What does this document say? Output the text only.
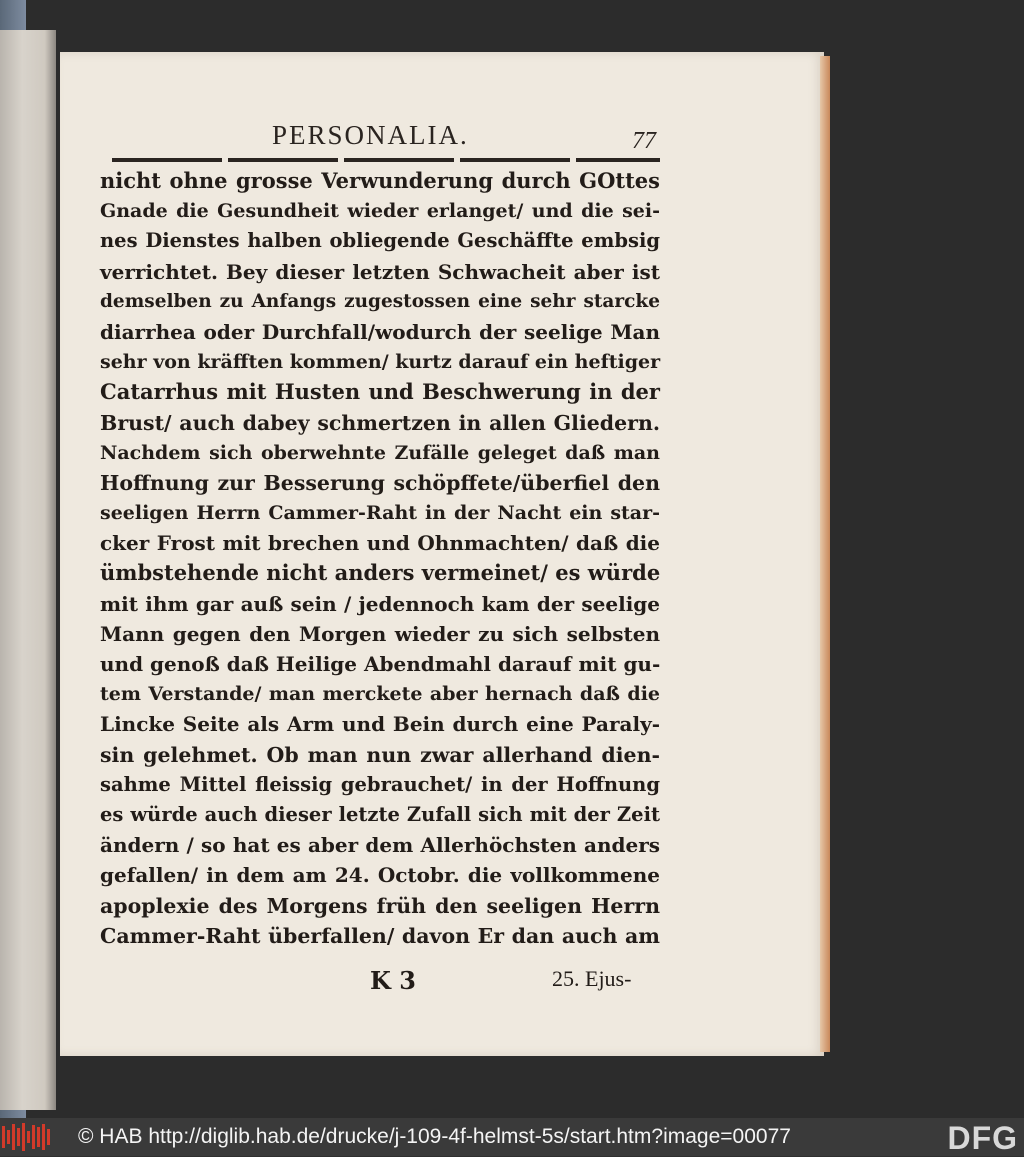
PERSONALIA.	77
nicht ohne grosse Verwunderung durch GOttes
Gnade die Gesundheit wieder erlanget/ und die sei-
nes Dienstes halben obliegende Geschäffte embsig
verrichtet. Bey dieser letzten Schwacheit aber ist
demselben zu Anfangs zugestossen eine sehr starcke
diarrhea oder Durchfall/wodurch der seelige Man
sehr von kräfften kommen/ kurtz darauf ein heftiger
Catarrhus mit Husten und Beschwerung in der
Brust/ auch dabey schmertzen in allen Gliedern.
Nachdem sich oberwehnte Zufälle geleget daß man
Hoffnung zur Besserung schöpffete/überfiel den
seeligen Herrn Cammer-Raht in der Nacht ein star-
cker Frost mit brechen und Ohnmachten/ daß die
ümbstehende nicht anders vermeinet/ es würde
mit ihm gar auß sein / jedennoch kam der seelige
Mann gegen den Morgen wieder zu sich selbsten
und genoß daß Heilige Abendmahl darauf mit gu-
tem Verstande/ man merckete aber hernach daß die
Lincke Seite als Arm und Bein durch eine Paraly-
sin gelehmet. Ob man nun zwar allerhand dien-
sahme Mittel fleissig gebrauchet/ in der Hoffnung
es würde auch dieser letzte Zufall sich mit der Zeit
ändern / so hat es aber dem Allerhöchsten anders
gefallen/ in dem am 24. Octobr. die vollkommene
apoplexie des Morgens früh den seeligen Herrn
Cammer-Raht überfallen/ davon Er dan auch am
K 3	25. Ejus-
© HAB http://diglib.hab.de/drucke/j-109-4f-helmst-5s/start.htm?image=00077	DFG
